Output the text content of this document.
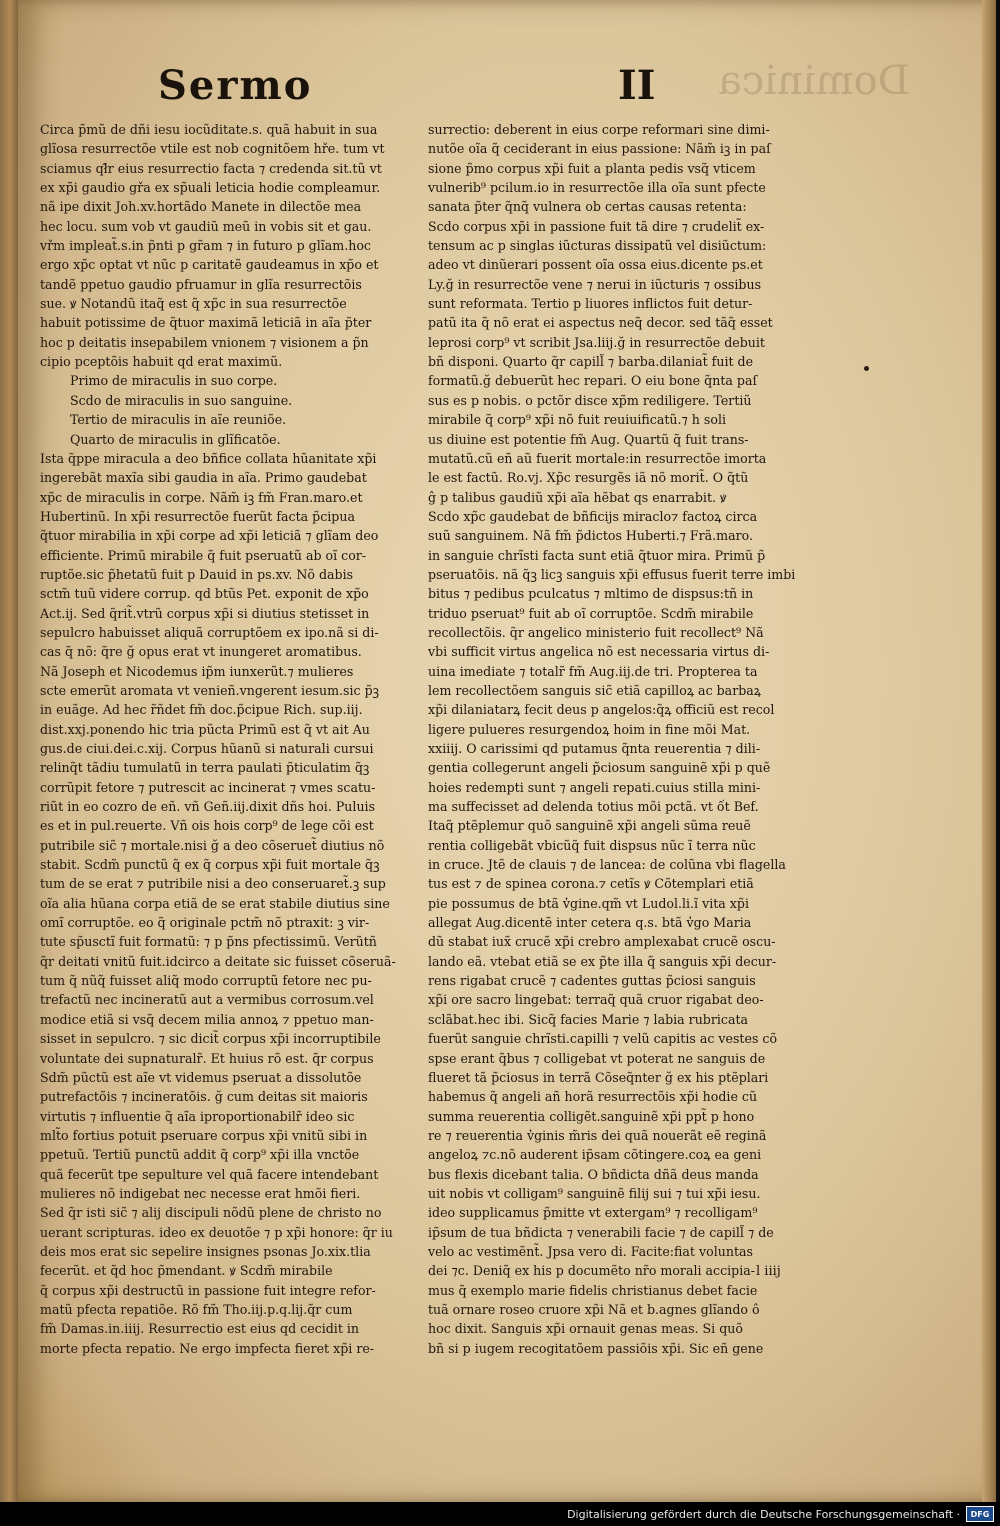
Dominica
Sermo	II
Circa p̃mũ de dñi iesu iocũditate.s. quã habuit in sua
glĩosa resurrectõe vtile est nob cognitõem hře. tum vt
sciamus qł̃r eius resurrectio facta ⁊ credenda sit.tũ vt
ex xp̃i gaudio gřa ex sp̃uali leticia hodie compleamur.
nã ipe dixit Joh.xv.hortãdo Manete in dilectõe mea
hec locu. sum vob vt gaudiũ meũ in vobis sit et gau.
vřm impleat̃.s.in p̃nti p gr̃am ⁊ in futuro p glĩam.hoc
ergo xp̃c optat vt nũc p caritatẽ gaudeamus in xp̃o et
tandẽ ppetuo gaudio pfruamur in glĩa resurrectõis
sue. ꝟ Notandũ itaq̃ est q̃ xp̃c in sua resurrectõe
habuit potissime de q̃tuor maximã leticiã in aĩa p̃ter
hoc p deitatis insepabilem vnionem ⁊ visionem a p̃n
cipio pceptõis habuit qd erat maximũ.
Primo de miraculis in suo corpe.
Scdo de miraculis in suo sanguine.
Tertio de miraculis in aĩe reuniõe.
Quarto de miraculis in glĩficatõe.
Ista q̃ppe miracula a deo bñfice collata hũanitate xp̃i
ingerebãt maxĩa sibi gaudia in aĩa. Primo gaudebat
xp̃c de miraculis in corpe. Nãm̃ iꝫ fm̃ Fran.maro.et
Hubertinũ. In xp̃i resurrectõe fuerũt facta p̃cipua
q̃tuor mirabilia in xp̃i corpe ad xp̃i leticiã ⁊ glĩam deo
efficiente. Primũ mirabile q̃ fuit pseruatũ ab oĩ cor-
ruptõe.sic p̃hetatũ fuit p Dauid in ps.xv. Nõ dabis
sctm̃ tuũ videre corrup. qd btũs Pet. exponit de xp̃o
Act.ij. Sed q̃rit̃.vtrũ corpus xp̃i si diutius stetisset in
sepulcro habuisset aliquã corruptõem ex ipo.nã si di-
cas q̃ nõ: q̃re ğ opus erat vt inungeret aromatibus.
Nã Joseph et Nicodemus ip̃m iunxerũt.⁊ mulieres
scte emerũt aromata vt venieñ.vngerent iesum.sic p̃ꝫ
in euãge. Ad hec r̃ñdet fm̃ doc.p̃cipue Rich. sup.iij.
dist.xxj.ponendo hic tria pũcta Primũ est q̃ vt ait Au
gus.de ciui.dei.c.xij. Corpus hũanũ si naturali cursui
relinq̃t tãdiu tumulatũ in terra paulati p̃ticulatim q̃ꝫ
corrũpit fetore ⁊ putrescit ac incinerat ⁊ vmes scatu-
riũt in eo cozro de eñ. vñ Geñ.iij.dixit dñs hoi. Puluis
es et in pul.reuerte. Vñ ois hois corp⁹ de lege cõi est
putribile sic̃ ⁊ mortale.nisi ğ a deo cõseruet̃ diutius nõ
stabit. Scdm̃ punctũ q̃ ex q̃ corpus xp̃i fuit mortale q̃ꝫ
tum de se erat ⁊ putribile nisi a deo conseruaret̃.ꝫ sup
oĩa alia hũana corpa etiã de se erat stabile diutius sine
omĩ corruptõe. eo q̃ originale pctm̃ nõ ptraxit: ꝫ vir-
tute sp̃usctĩ fuit formatũ: ⁊ p p̃ns pfectissimũ. Verũtñ
q̃r deitati vnitũ fuit.idcirco a deitate sic fuisset cõseruã-
tum q̃ nũq̃ fuisset aliq̃ modo corruptũ fetore nec pu-
trefactũ nec incineratũ aut a vermibus corrosum.vel
modice etiã si vsq̃ decem milia annoꝝ ⁊ ppetuo man-
sisset in sepulcro. ⁊ sic dicit̃ corpus xp̃i incorruptibile
voluntate dei supnaturalr̃. Et huius rõ est. q̃r corpus
Sdm̃ pũctũ est aĩe vt videmus pseruat a dissolutõe
putrefactõis ⁊ incineratõis. ğ cum deitas sit maioris
virtutis ⁊ influentie q̃ aĩa iproportionabilr̃ ideo sic
mlt̃o fortius potuit pseruare corpus xp̃i vnitũ sibi in
ppetuũ. Tertiũ punctũ addit q̃ corp⁹ xp̃i illa vnctõe
quã fecerũt tpe sepulture vel quã facere intendebant
mulieres nõ indigebat nec necesse erat hmõi fieri.
Sed q̃r isti sic̃ ⁊ alij discipuli nõdũ plene de christo no
uerant scripturas. ideo ex deuotõe ⁊ p xp̃i honore: q̃r iu
deis mos erat sic sepelire insignes psonas Jo.xix.tlia
fecerũt. et q̃d hoc p̃mendant. ꝟ Scdm̃ mirabile
q̃ corpus xp̃i destructũ in passione fuit integre refor-
matũ pfecta repatiõe. Rõ fm̃ Tho.iij.p.q.lij.q̃r cum
fm̃ Damas.in.iiij. Resurrectio est eius qd cecidit in
morte pfecta repatio. Ne ergo impfecta fieret xp̃i re-
surrectio: deberent in eius corpe reformari sine dimi-
nutõe oĩa q̃ ceciderant in eius passione: Nãm̃ iꝫ in paſ
sione p̃mo corpus xp̃i fuit a planta pedis vsq̃ vticem
vulnerib⁹ pcilum.io in resurrectõe illa oĩa sunt pfecte
sanata p̃ter q̃nq̃ vulnera ob certas causas retenta:
Scdo corpus xp̃i in passione fuit tã dire ⁊ crudelit̃ ex-
tensum ac p singlas iũcturas dissipatũ vel disiũctum:
adeo vt dinũerari possent oĩa ossa eius.dicente ps.et
Ly.ğ in resurrectõe vene ⁊ nerui in iũcturis ⁊ ossibus
sunt reformata. Tertio p liuores inflictos fuit detur-
patũ ita q̃ nõ erat ei aspectus neq̃ decor. sed tãq̃ esset
leprosi corp⁹ vt scribit Jsa.liij.ğ in resurrectõe debuit
bñ disponi. Quarto q̃r capill̃ ⁊ barba.dilaniat̃ fuit de
formatũ.ğ debuerũt hec repari. O eiu bone q̃nta paſ
sus es p nobis. o pctõr disce xp̃m rediligere. Tertiũ
mirabile q̃ corp⁹ xp̃i nõ fuit reuiuificatũ.⁊ h soli
us diuine est potentie fm̃ Aug. Quartũ q̃ fuit trans-
mutatũ.cũ eñ aũ fuerit mortale:in resurrectõe imorta
le est factũ. Ro.vj. Xp̃c resurgẽs iã nõ morit̃. O q̃tũ
ĝ p talibus gaudiũ xp̃i aĩa hẽbat qs enarrabit. ꝟ
Scdo xp̃c gaudebat de bñficijs miraclo⁊ factoꝝ circa
suũ sanguinem. Nã fm̃ p̃dictos Huberti.⁊ Frã.maro.
in sanguie chrĩsti facta sunt etiã q̃tuor mira. Primũ p̃
pseruatõis. nã q̃ꝫ licꝫ sanguis xp̃i effusus fuerit terre imbi
bitus ⁊ pedibus pculcatus ⁊ mltimo de dispsus:tñ in
triduo pseruat⁹ fuit ab oĩ corruptõe. Scdm̃ mirabile
recollectõis. q̃r angelico ministerio fuit recollect⁹ Nã
vbi sufficit virtus angelica nõ est necessaria virtus di-
uina imediate ⁊ totalr̃ fm̃ Aug.iij.de tri. Propterea ta
lem recollectõem sanguis sic̃ etiã capilloꝝ ac barbaꝝ
xp̃i dilaniatarꝝ fecit deus p angelos:q̃ꝝ officiũ est recol
ligere pulueres resurgendoꝝ hoim in fine mõi Mat.
xxiiij. O carissimi qd putamus q̃nta reuerentia ⁊ dili-
gentia collegerunt angeli p̃ciosum sanguinẽ xp̃i p quẽ
hoies redempti sunt ⁊ angeli repati.cuius stilla mini-
ma suffecisset ad delenda totius mõi pctã. vt ốt Bef.
Itaq̃ ptẽplemur quõ sanguinẽ xp̃i angeli sũma reuẽ
rentia colligebãt vbicũq̃ fuit dispsus nũc ĩ terra nũc
in cruce. Jtẽ de clauis ⁊ de lancea: de colũna vbi flagella
tus est ⁊ de spinea corona.⁊ cetĩs ꝟ Cõtemplari etiã
pie possumus de btã v̓gine.qm̃ vt Ludol.li.ĩ vita xp̃i
allegat Aug.dicentẽ inter cetera q.s. btã v̓go Maria
dũ stabat iux̃ crucẽ xp̃i crebro amplexabat crucẽ oscu-
lando eã. vtebat etiã se ex p̃te illa q̃ sanguis xp̃i decur-
rens rigabat crucẽ ⁊ cadentes guttas p̃ciosi sanguis
xp̃i ore sacro lingebat: terraq̃ quã cruor rigabat deo-
sclãbat.hec ibi. Sicq̃ facies Marie ⁊ labia rubricata
fuerũt sanguie chrĩsti.capilli ⁊ velũ capitis ac vestes cõ
spse erant q̃bus ⁊ colligebat vt poterat ne sanguis de
flueret tã p̃ciosus in terrã Cõseq̃nter ğ ex his ptẽplari
habemus q̃ angeli añ horã resurrectõis xp̃i hodie cũ
summa reuerentia colligẽt.sanguinẽ xp̃i ppt̃ p hono
re ⁊ reuerentia v̓ginis m̃ris dei quã nouerãt eẽ reginã
angeloꝝ ⁊c.nõ auderent ip̃sam cõtingere.coꝝ ea geni
bus flexis dicebant talia. O bñdicta dñã deus manda
uit nobis vt colligam⁹ sanguinẽ filij sui ⁊ tui xp̃i iesu.
ideo supplicamus p̃mitte vt extergam⁹ ⁊ recolligam⁹
ip̃sum de tua bñdicta ⁊ venerabili facie ⁊ de capill̃ ⁊ de
velo ac vestimẽnt̃. Jpsa vero di. Facite:fiat voluntas
dei ⁊c. Deniq̃ ex his p documẽto nr̃o morali accipia-
mus q̃ exemplo marie fidelis christianus debet facie
tuã ornare roseo cruore xp̃i Nã et b.agnes glĩando ô
hoc dixit. Sanguis xp̃i ornauit genas meas. Si quõ
bñ si p iugem recogitatõem passiõis xp̃i. Sic eñ gene
l iiij
Digitalisierung gefördert durch die Deutsche Forschungsgemeinschaft ·	DFG
